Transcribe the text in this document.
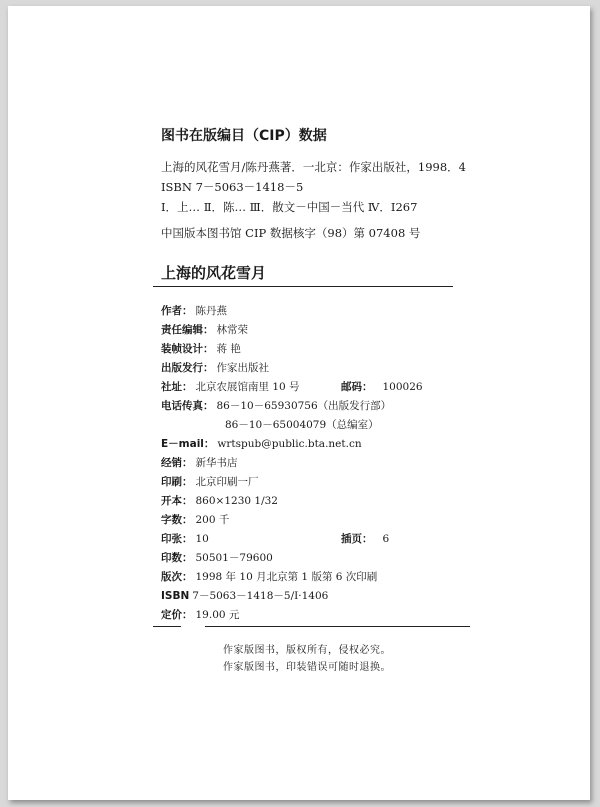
图书在版编目（CIP）数据
上海的风花雪月/陈丹燕著．一北京：作家出版社，1998．4
ISBN 7－5063－1418－5
Ⅰ．上… Ⅱ．陈… Ⅲ．散文－中国－当代 Ⅳ．I267
中国版本图书馆 CIP 数据核字（98）第 07408 号
上海的风花雪月
作者： 陈丹燕
责任编辑： 林常荣
装帧设计： 蒋 艳
出版发行： 作家出版社
社址： 北京农展馆南里 10 号	邮码： 100026
电话传真： 86－10－65930756（出版发行部）
86－10－65004079（总编室）
E－mail： wrtspub@public.bta.net.cn
经销： 新华书店
印刷： 北京印刷一厂
开本： 860×1230 1/32
字数： 200 千
印张： 10	插页： 6
印数： 50501－79600
版次： 1998 年 10 月北京第 1 版第 6 次印刷
ISBN 7－5063－1418－5/I·1406
定价： 19.00 元
作家版图书，版权所有，侵权必究。
作家版图书，印装错误可随时退换。
